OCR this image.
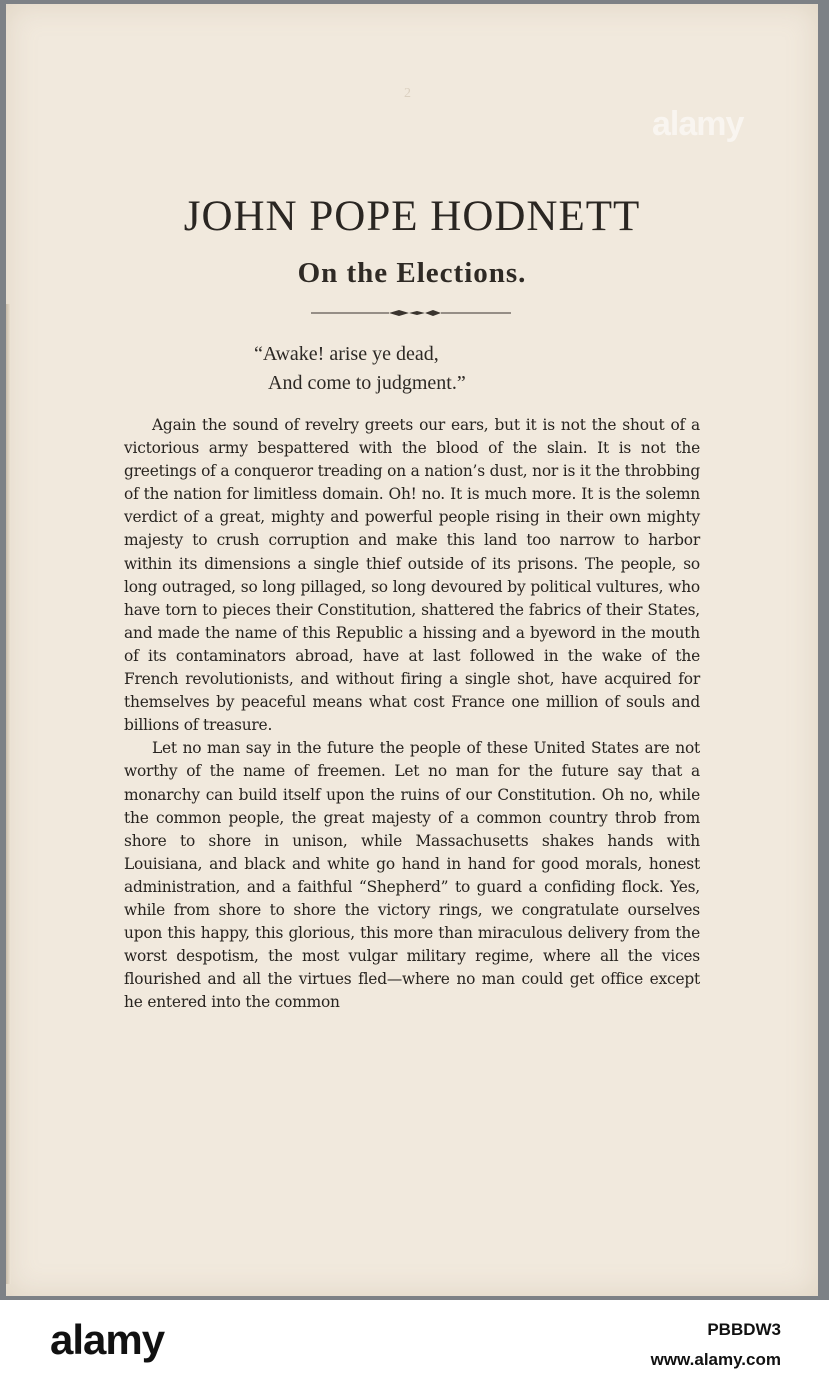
2
JOHN POPE HODNETT
On the Elections.
“Awake! arise ye dead,
And come to judgment.”

Again the sound of revelry greets our ears, but it is not the shout of a victorious army bespattered with the blood of the slain. It is not the greetings of a conqueror treading on a nation’s dust, nor is it the throbbing of the nation for limitless domain. Oh! no. It is much more. It is the solemn verdict of a great, mighty and powerful people rising in their own mighty majesty to crush corruption and make this land too narrow to harbor within its dimensions a single thief outside of its prisons. The people, so long outraged, so long pillaged, so long devoured by political vultures, who have torn to pieces their Constitution, shattered the fabrics of their States, and made the name of this Republic a hissing and a byeword in the mouth of its contaminators abroad, have at last followed in the wake of the French revolutionists, and without firing a single shot, have acquired for themselves by peaceful means what cost France one million of souls and billions of treasure.

Let no man say in the future the people of these United States are not worthy of the name of freemen. Let no man for the future say that a monarchy can build itself upon the ruins of our Constitution. Oh no, while the common people, the great majesty of a common country throb from shore to shore in unison, while Massachusetts shakes hands with Louisiana, and black and white go hand in hand for good morals, honest administration, and a faithful “Shepherd” to guard a confiding flock. Yes, while from shore to shore the victory rings, we congratulate ourselves upon this happy, this glorious, this more than miraculous delivery from the worst despotism, the most vulgar military regime, where all the vices flourished and all the virtues fled—where no man could get office except he entered into the common

alamy
alamy	PBBDW3
www.alamy.com
